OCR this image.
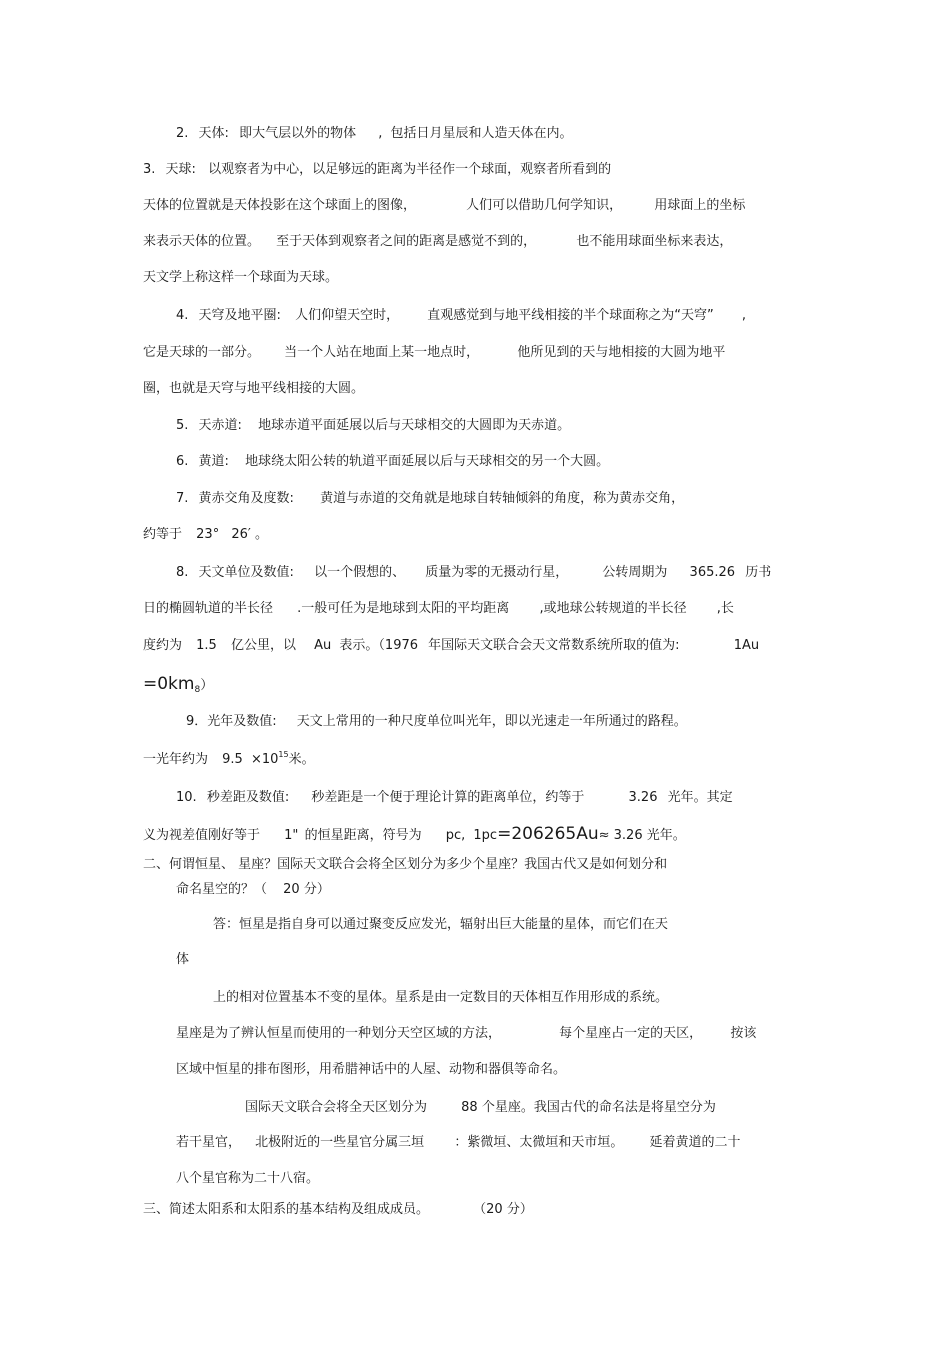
2. 天体: 即大气层以外的物体 , 包括日月星辰和人造天体在内。
3. 天球: 以观察者为中心，以足够远的距离为半径作一个球面，观察者所看到的
天体的位置就是天体投影在这个球面上的图像，	人们可以借助几何学知识， 用球面上的坐标
来表示天体的位置。 至于天体到观察者之间的距离是感觉不到的，	也不能用球面坐标来表达，
天文学上称这样一个球面为天球。
4. 天穹及地平圈: 人们仰望天空时， 直观感觉到与地平线相接的半个球面称之为“天穹” ,
它是天球的一部分。 当一个人站在地面上某一地点时，	他所见到的天与地相接的大圆为地平
圈，也就是天穹与地平线相接的大圆。
5. 天赤道: 地球赤道平面延展以后与天球相交的大圆即为天赤道。
6. 黄道: 地球绕太阳公转的轨道平面延展以后与天球相交的另一个大圆。
7. 黄赤交角及度数: 黄道与赤道的交角就是地球自转轴倾斜的角度，称为黄赤交角，
约等于 23° 26′ 。
8. 天文单位及数值: 以一个假想的、 质量为零的无摄动行星，	公转周期为 365.26 历书
日的椭圆轨道的半长径 .一般可任为是地球到太阳的平均距离 ,或地球公转规道的半长径 ,长
度约为 1.5 亿公里，以 Au 表示。（1976 年国际天文联合会天文常数系统所取的值为:	1Au
$=0km_8$）
9．光年及数值: 天文上常用的一种尺度单位叫光年，即以光速走一年所通过的路程。
一光年约为 $9.5 \times 10^{15}$米。
10. 秒差距及数值: 秒差距是一个便于理论计算的距离单位，约等于	3.26 光年。其定
义为视差值刚好等于 1" 的恒星距离，符号为 pc, 1pc=206265Au≈ 3.26 光年。
二、何谓恒星、 星座？国际天文联合会将全区划分为多少个星座？我国古代又是如何划分和
命名星空的？（ 20 分）
答：恒星是指自身可以通过聚变反应发光，辐射出巨大能量的星体，而它们在天
体
上的相对位置基本不变的星体。星系是由一定数目的天体相互作用形成的系统。
星座是为了辨认恒星而使用的一种划分天空区域的方法，	每个星座占一定的天区， 按该
区域中恒星的排布图形，用希腊神话中的人屋、动物和器俱等命名。
国际天文联合会将全天区划分为	88 个星座。我国古代的命名法是将星空分为
若干星官， 北极附近的一些星官分属三垣 ：紫微垣、太微垣和天市垣。 延着黄道的二十
八个星官称为二十八宿。
三、简述太阳系和太阳系的基本结构及组成成员。	（20 分）
